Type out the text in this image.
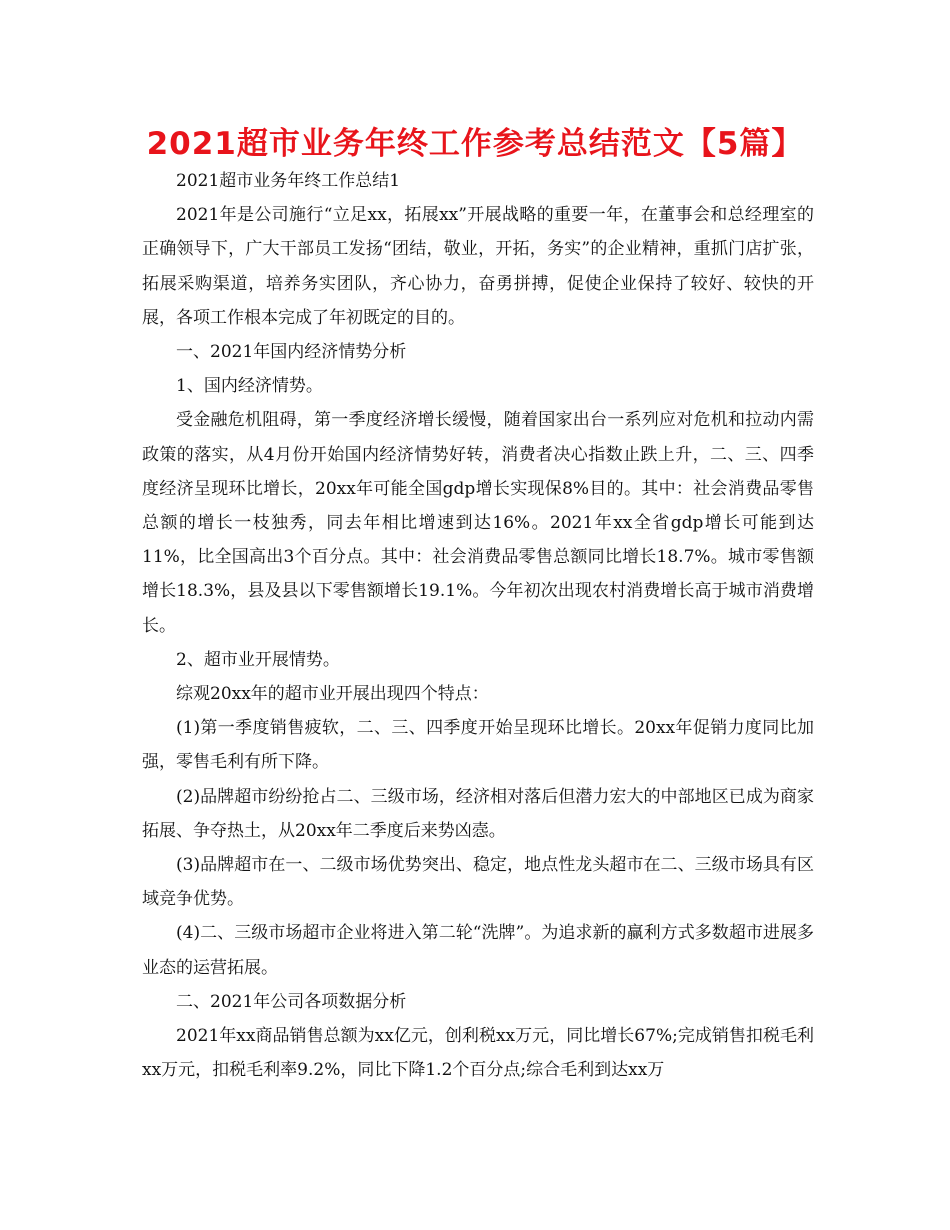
2021超市业务年终工作参考总结范文【5篇】

2021超市业务年终工作总结1

2021年是公司施行“立足xx，拓展xx”开展战略的重要一年，在董事会和总经理室的正确领导下，广大干部员工发扬“团结，敬业，开拓，务实”的企业精神，重抓门店扩张，拓展采购渠道，培养务实团队，齐心协力，奋勇拼搏，促使企业保持了较好、较快的开展，各项工作根本完成了年初既定的目的。

一、2021年国内经济情势分析

1、国内经济情势。

受金融危机阻碍，第一季度经济增长缓慢，随着国家出台一系列应对危机和拉动内需政策的落实，从4月份开始国内经济情势好转，消费者决心指数止跌上升，二、三、四季度经济呈现环比增长，20xx年可能全国gdp增长实现保8%目的。其中：社会消费品零售总额的增长一枝独秀，同去年相比增速到达16%。2021年xx全省gdp增长可能到达11%，比全国高出3个百分点。其中：社会消费品零售总额同比增长18.7%。城市零售额增长18.3%，县及县以下零售额增长19.1%。今年初次出现农村消费增长高于城市消费增长。

2、超市业开展情势。

综观20xx年的超市业开展出现四个特点：

(1)第一季度销售疲软，二、三、四季度开始呈现环比增长。20xx年促销力度同比加强，零售毛利有所下降。

(2)品牌超市纷纷抢占二、三级市场，经济相对落后但潜力宏大的中部地区已成为商家拓展、争夺热土，从20xx年二季度后来势凶悫。

(3)品牌超市在一、二级市场优势突出、稳定，地点性龙头超市在二、三级市场具有区域竞争优势。

(4)二、三级市场超市企业将进入第二轮“洗牌”。为追求新的赢利方式多数超市进展多业态的运营拓展。

二、2021年公司各项数据分析

2021年xx商品销售总额为xx亿元，创利税xx万元，同比增长67%;完成销售扣税毛利xx万元，扣税毛利率9.2%，同比下降1.2个百分点;综合毛利到达xx万
